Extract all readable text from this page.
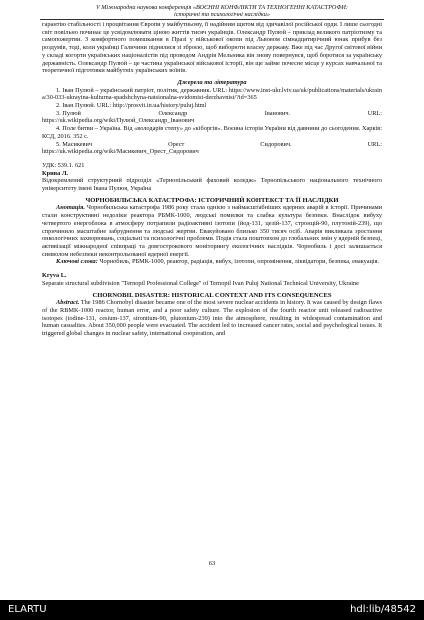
V Міжнародна наукова конференція «ВОЄННІ КОНФЛІКТИ ТА ТЕХНОГЕННІ КАТАСТРОФИ:
історичні та психологічні наслідки»

гарантію стабільності і процвітання Європи у майбутньому, її надійним щитом від здичавілої російської орди. І лише сьогодні світ повільно починає це усвідомлювати ціною життів тисяч українців. Олександр Пулюй – приклад великого патріотизму та самопожертви. З комфортного помешкання в Празі у військової окопи під Львовом сімнадцятирічний юнак прибув без роздумів, тоді, коли українці Галичини піднялися зі зброєю, щоб виборюти власну державу. Вже під час Другої світової війни у складі когорти українських націоналістів під проводом Андрія Мельника він знову повернувся, щоб боротися за українську державність. Олександр Пулюй – це частина української військової історії, він ще займе почесне місце у курсах навчальної та теоретичної підготовки майбутніх українських воїнів.

Джерела та література
1. Іван Пулюй – український патріот, політик, державник. URL: https://www.inst-ukr.lviv.ua/uk/publications/materials/ukraina/30-033-ukrayina-kulturna-spadshchyna-natsionalna-svidomist-derzhavnist/?id=365
2. Іван Пулюй. URL: http://prosvit.in.ua/history/puluj.html
3. Пулюй	Олександр	Іванович.	URL:
https://uk.wikipedia.org/wiki/Пулюй_Олександр_Іванович
4. Поле битви – Україна. Від «володарів степу» до «кіборгів». Воєнна історія України від давнини до сьогодення. Харків: КСД, 2016. 352 с.
5. Масикевич	Орест	Сидорович.	URL:
https://uk.wikipedia.org/wiki/Масикевич_Орест_Сидорович
УДК: 539.1. 621
Крива Л.

Відокремлений структурний підрозділ «Тернопільський фаховий коледж» Тернопільського національного технічного університету імені Івана Пулюя, Україна

ЧОРНОБИЛЬСЬКА КАТАСТРОФА: ІСТОРИЧНИЙ КОНТЕКСТ ТА ЇЇ НАСЛІДКИ

Анотація. Чорнобильська катастрофа 1986 року стала однією з наймасштабніших ядерних аварій в історії. Причинами стали конструктивні недоліки реактора РБМК-1000, людські помилки та слабка культура безпеки. Внаслідок вибуху четвертого енергоблока в атмосферу потрапили радіоактивні ізотопи (йод-131, цезій-137, стронцій-90, плутоній-239), що спричинило масштабне забруднення та людські жертви. Евакуйовано близько 350 тисяч осіб. Аварія викликала зростання онкологічних захворювань, соціальні та психологічні проблеми. Подія стала поштовхом до глобальних змін у ядерній безпеці, активізації міжнародної співпраці та довгострокового моніторингу екологічних наслідків. Чорнобиль і досі залишається символом небезпеки неконтрольованої ядерної енергії.

Ключові слова: Чорнобиль, РБМК-1000, реактор, радіація, вибух, ізотопи, опромінення, ліквідатори, безпека, евакуація.

Kryva L.

Separate structural subdivision "Ternopil Professional College" of Ternopil Ivan Puluj National Technical University, Ukraine

CHORNOBIL DISASTER: HISTORICAL CONTEXT AND ITS CONSEQUENCES

Abstract. The 1986 Chornobyl disaster became one of the most severe nuclear accidents in history. It was caused by design flaws of the RBMK-1000 reactor, human error, and a poor safety culture. The explosion of the fourth reactor unit released radioactive isotopes (iodine-131, cesium-137, strontium-90, plutonium-239) into the atmosphere, resulting in widespread contamination and human casualties. About 350,000 people were evacuated. The accident led to increased cancer rates, social and psychological issues. It triggered global changes in nuclear safety, international cooperation, and

63
ELARTU	hdl:lib/48542
